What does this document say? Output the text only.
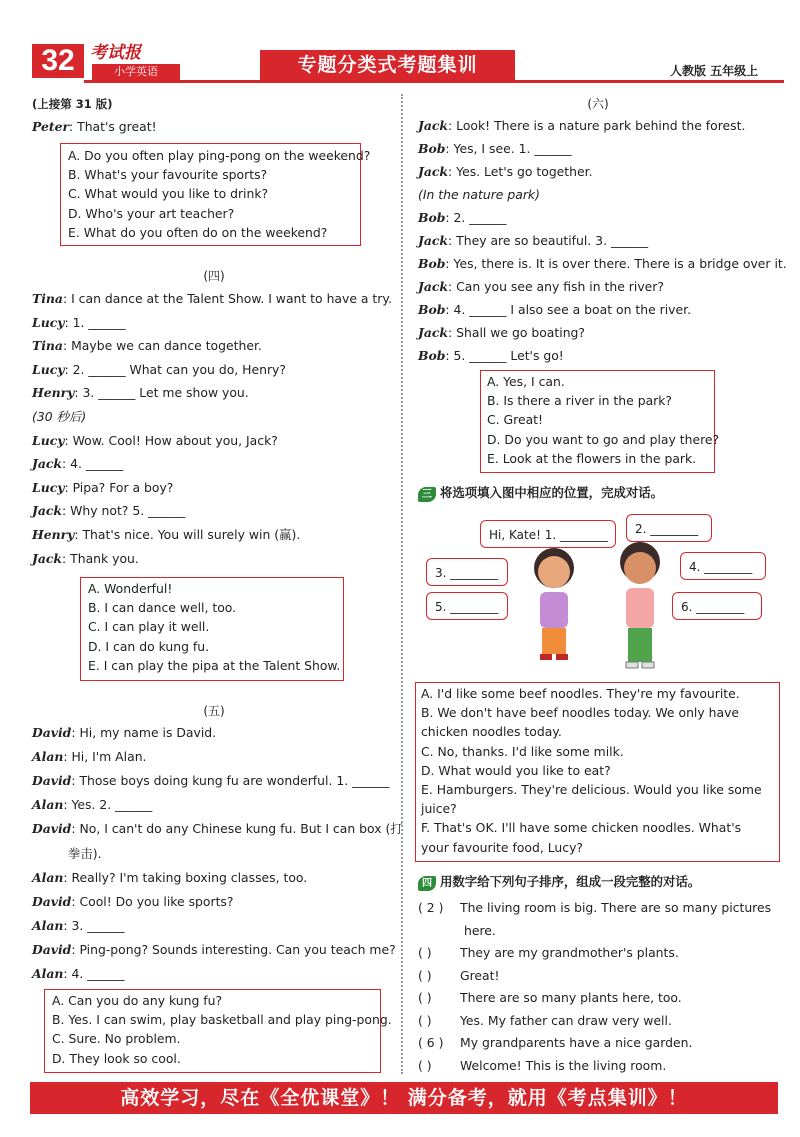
32 考试报
小学英语	专题分类式考题集训	人教版 五年级上
(上接第 31 版)
Peter: That's great!
A. Do you often play ping-pong on the weekend?
B. What's your favourite sports?
C. What would you like to drink?
D. Who's your art teacher?
E. What do you often do on the weekend?
(四)
Tina: I can dance at the Talent Show. I want to have a try.
Lucy: 1. ______
Tina: Maybe we can dance together.
Lucy: 2. ______ What can you do, Henry?
Henry: 3. ______ Let me show you.
(30 秒后)
Lucy: Wow. Cool! How about you, Jack?
Jack: 4. ______
Lucy: Pipa? For a boy?
Jack: Why not? 5. ______
Henry: That's nice. You will surely win (赢).
Jack: Thank you.
A. Wonderful!
B. I can dance well, too.
C. I can play it well.
D. I can do kung fu.
E. I can play the pipa at the Talent Show.
(五)
David: Hi, my name is David.
Alan: Hi, I'm Alan.
David: Those boys doing kung fu are wonderful. 1. ______
Alan: Yes. 2. ______
David: No, I can't do any Chinese kung fu. But I can box (打
拳击).
Alan: Really? I'm taking boxing classes, too.
David: Cool! Do you like sports?
Alan: 3. ______
David: Ping-pong? Sounds interesting. Can you teach me?
Alan: 4. ______
A. Can you do any kung fu?
B. Yes. I can swim, play basketball and play ping-pong.
C. Sure. No problem.
D. They look so cool.
(六)
Jack: Look! There is a nature park behind the forest.
Bob: Yes, I see. 1. ______
Jack: Yes. Let's go together.
(In the nature park)
Bob: 2. ______
Jack: They are so beautiful. 3. ______
Bob: Yes, there is. It is over there. There is a bridge over it.
Jack: Can you see any fish in the river?
Bob: 4. ______ I also see a boat on the river.
Jack: Shall we go boating?
Bob: 5. ______ Let's go!
A. Yes, I can.
B. Is there a river in the park?
C. Great!
D. Do you want to go and play there?
E. Look at the flowers in the park.
三 将选项填入图中相应的位置，完成对话。
Hi, Kate! 1. ________	2. ________
3. ________	4. ________
5. ________	6. ________
A. I'd like some beef noodles. They're my favourite.
B. We don't have beef noodles today. We only have
chicken noodles today.
C. No, thanks. I'd like some milk.
D. What would you like to eat?
E. Hamburgers. They're delicious. Would you like some
juice?
F. That's OK. I'll have some chicken noodles. What's
your favourite food, Lucy?
四 用数字给下列句子排序，组成一段完整的对话。
( 2 ) The living room is big. There are so many pictures
here.
( ) They are my grandmother's plants.
( ) Great!
( ) There are so many plants here, too.
( ) Yes. My father can draw very well.
( 6 ) My grandparents have a nice garden.
( ) Welcome! This is the living room.
高效学习，尽在《全优课堂》！ 满分备考，就用《考点集训》！
